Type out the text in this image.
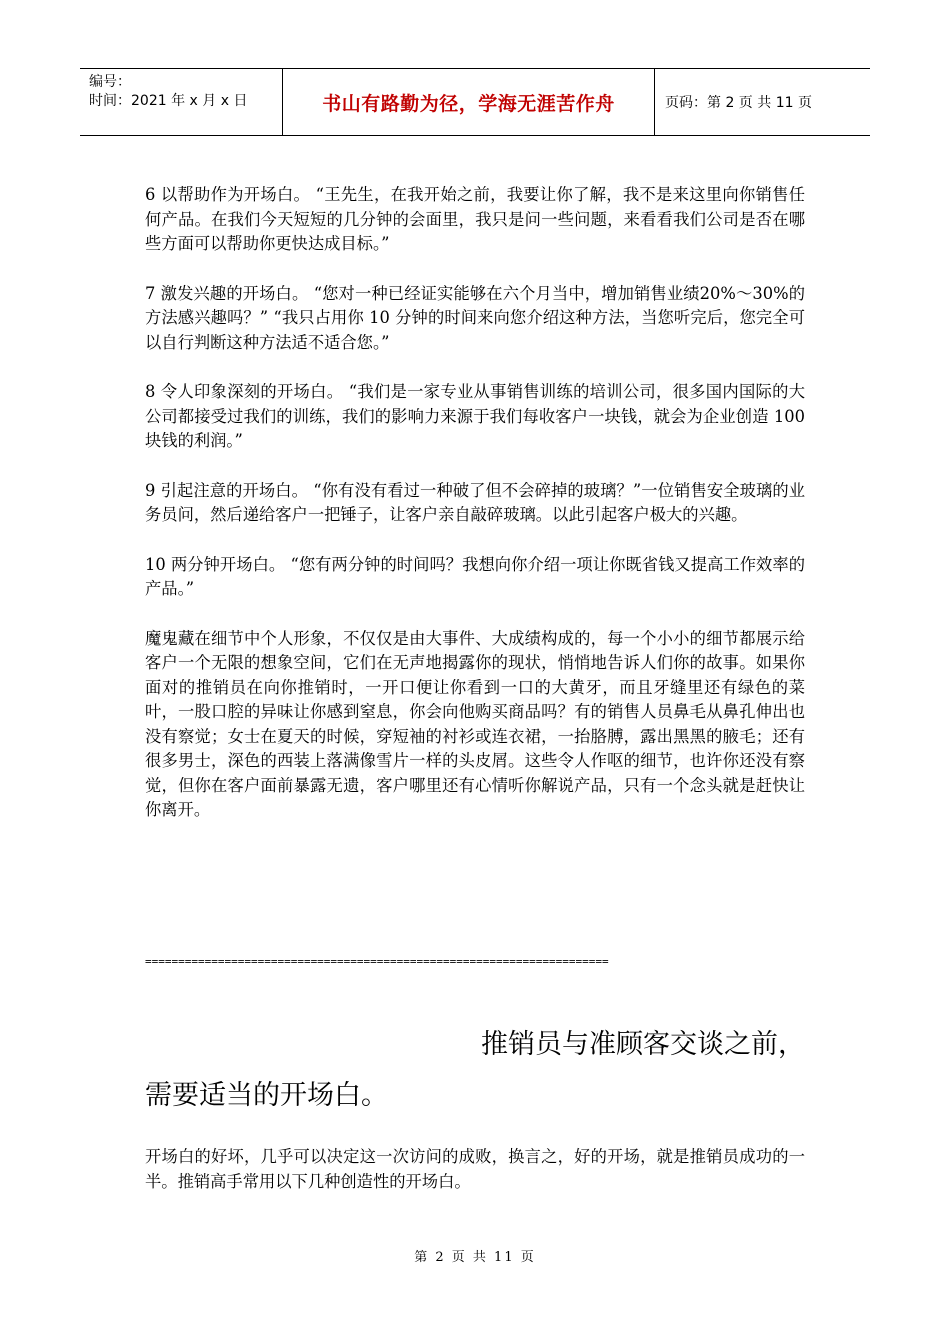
编号：
时间：2021 年 x 月 x 日	书山有路勤为径，学海无涯苦作舟	页码：第 2 页 共 11 页

6 以帮助作为开场白。 “王先生，在我开始之前，我要让你了解，我不是来这里向你销售任何产品。在我们今天短短的几分钟的会面里，我只是问一些问题，来看看我们公司是否在哪些方面可以帮助你更快达成目标。”

7 激发兴趣的开场白。 “您对一种已经证实能够在六个月当中，增加销售业绩20%～30%的方法感兴趣吗？” “我只占用你 10 分钟的时间来向您介绍这种方法，当您听完后，您完全可以自行判断这种方法适不适合您。”

8 令人印象深刻的开场白。 “我们是一家专业从事销售训练的培训公司，很多国内国际的大公司都接受过我们的训练，我们的影响力来源于我们每收客户一块钱，就会为企业创造 100 块钱的利润。”

9 引起注意的开场白。 “你有没有看过一种破了但不会碎掉的玻璃？”一位销售安全玻璃的业务员问，然后递给客户一把锤子，让客户亲自敲碎玻璃。以此引起客户极大的兴趣。

10 两分钟开场白。 “您有两分钟的时间吗？我想向你介绍一项让你既省钱又提高工作效率的产品。”

魔鬼藏在细节中个人形象，不仅仅是由大事件、大成绩构成的，每一个小小的细节都展示给客户一个无限的想象空间，它们在无声地揭露你的现状，悄悄地告诉人们你的故事。如果你面对的推销员在向你推销时，一开口便让你看到一口的大黄牙，而且牙缝里还有绿色的菜叶，一股口腔的异味让你感到窒息，你会向他购买商品吗？有的销售人员鼻毛从鼻孔伸出也没有察觉；女士在夏天的时候，穿短袖的衬衫或连衣裙，一抬胳膊，露出黑黑的腋毛；还有很多男士，深色的西装上落满像雪片一样的头皮屑。这些令人作呕的细节，也许你还没有察觉，但你在客户面前暴露无遗，客户哪里还有心情听你解说产品，只有一个念头就是赶快让你离开。

======================================================================
推销员与准顾客交谈之前，
需要适当的开场白。
开场白的好坏，几乎可以决定这一次访问的成败，换言之，好的开场，就是推销员成功的一半。推销高手常用以下几种创造性的开场白。
第 2 页 共 11 页
